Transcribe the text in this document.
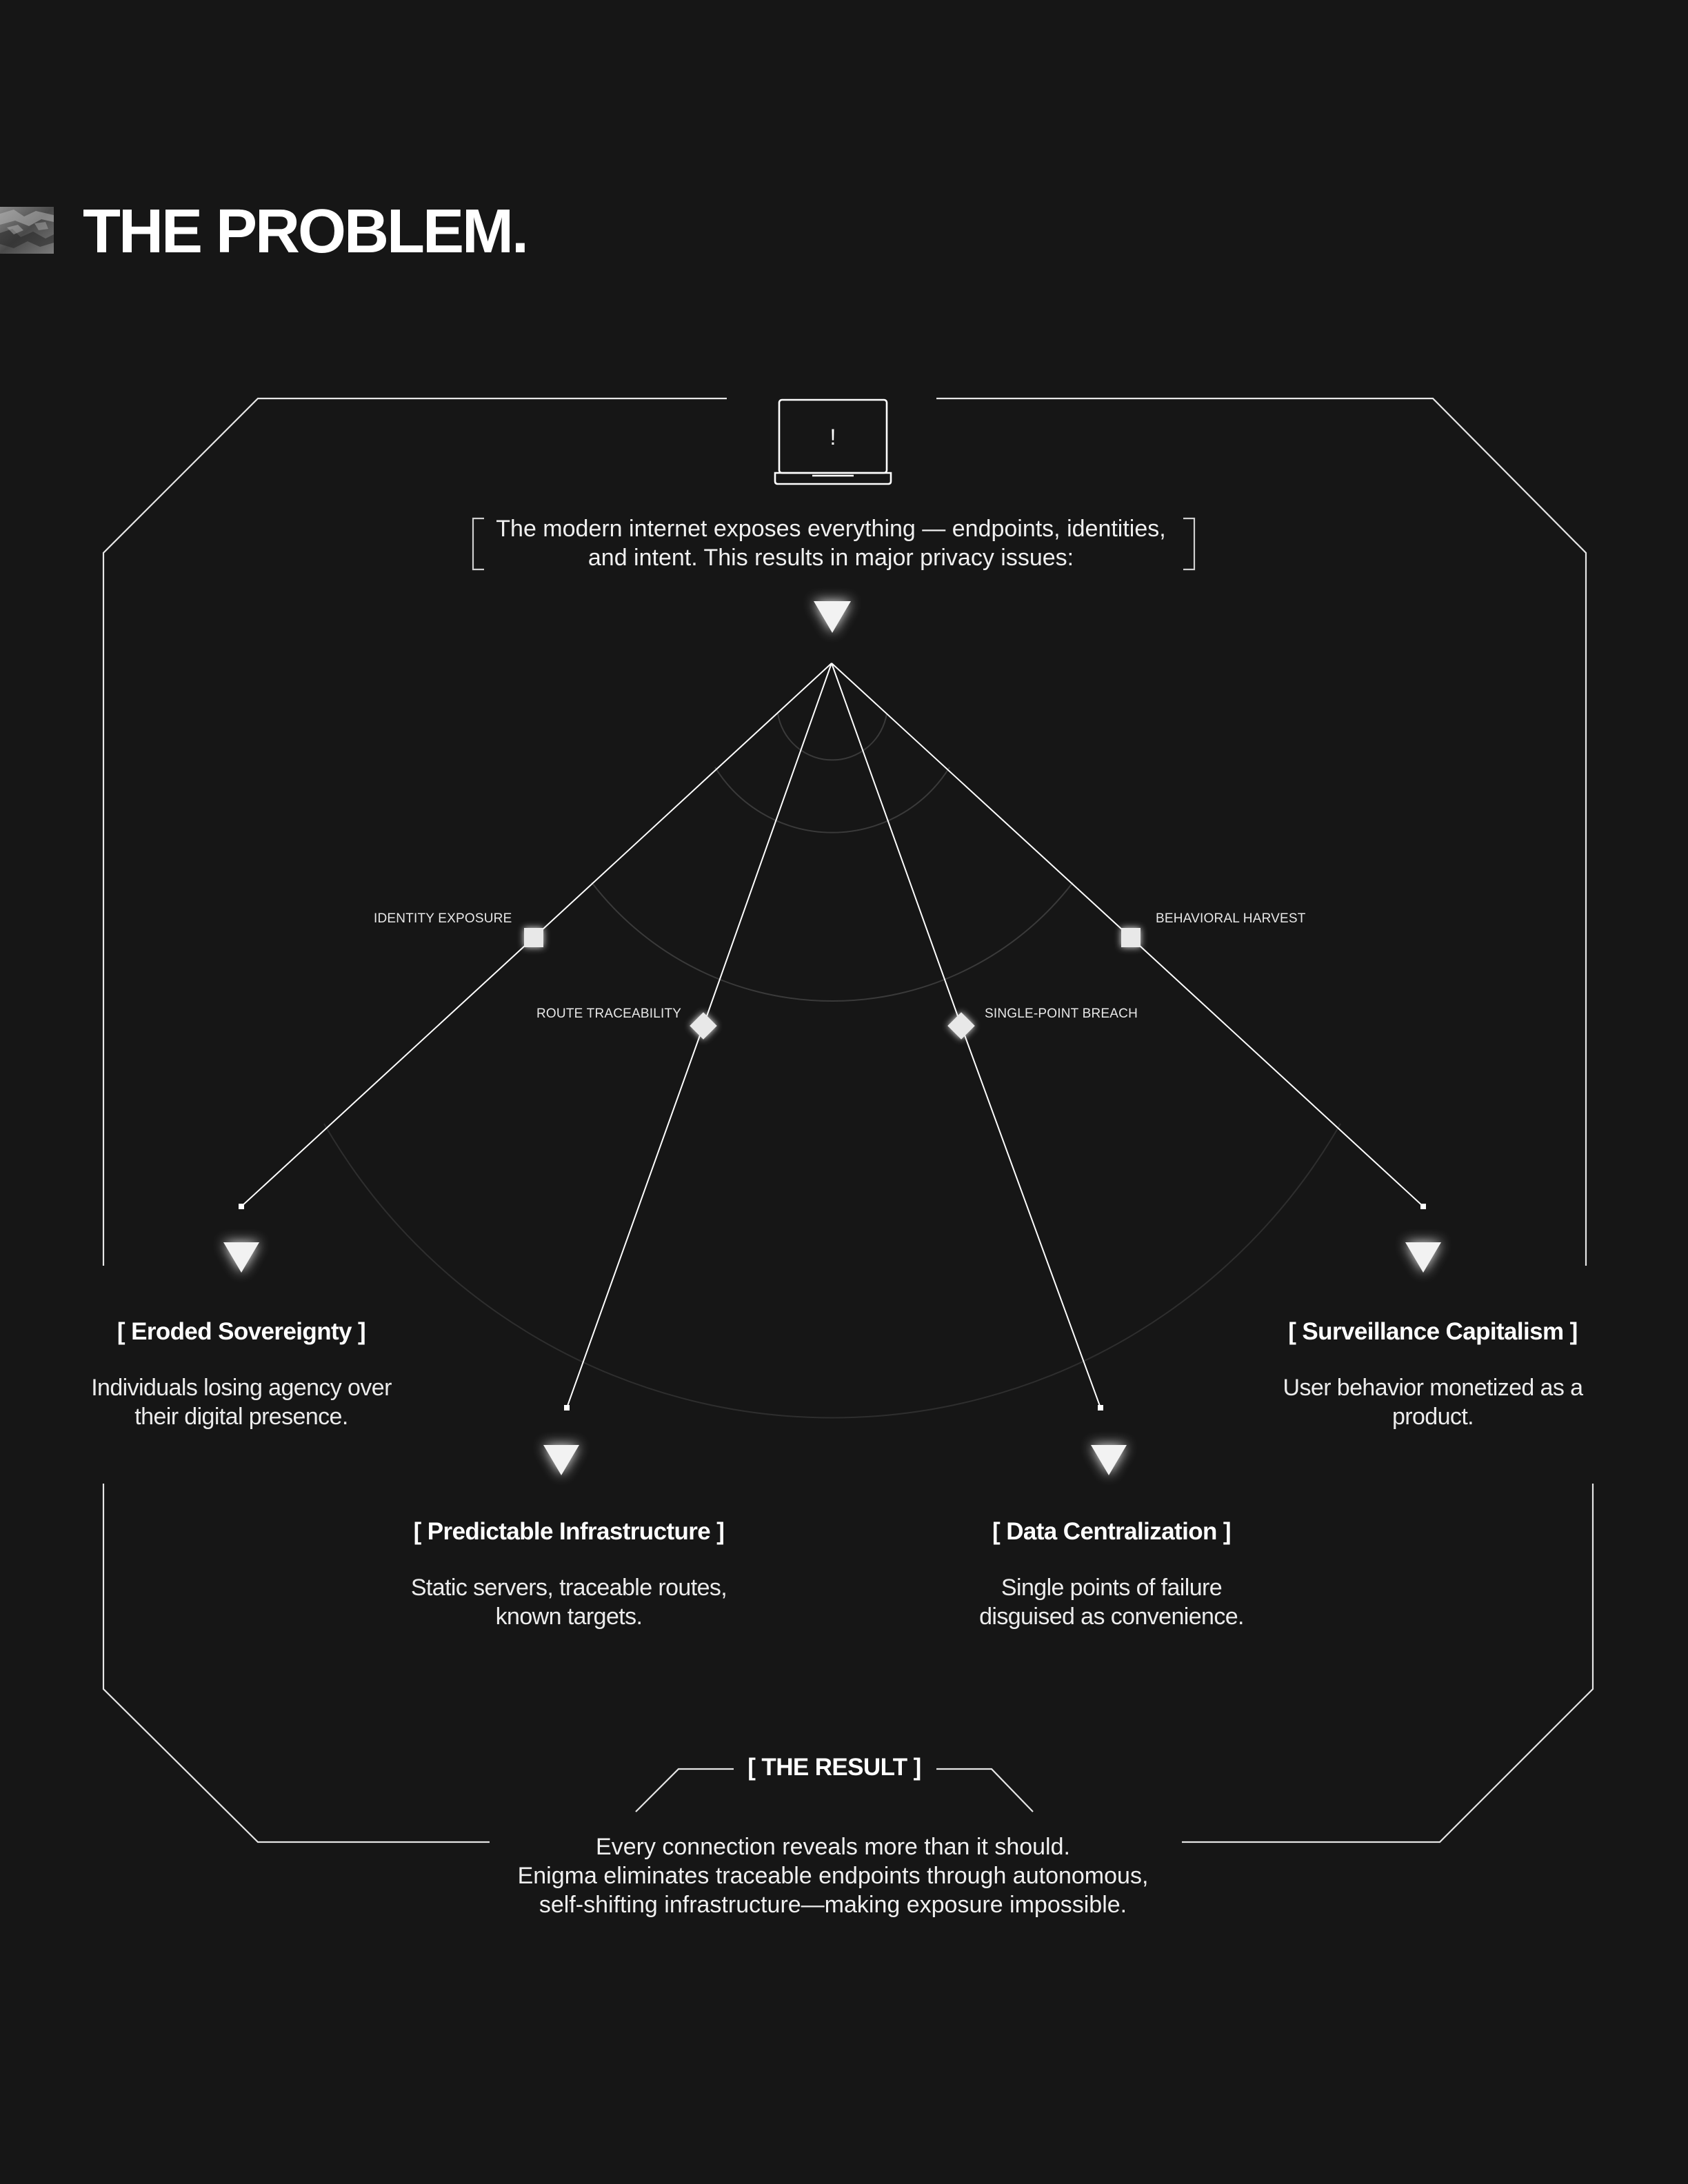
THE PROBLEM.
!
The modern internet exposes everything — endpoints, identities, and intent. This results in major privacy issues:
IDENTITY EXPOSURE
ROUTE TRACEABILITY	SINGLE-POINT BREACH
BEHAVIORAL HARVEST
[ Eroded Sovereignty ]
Individuals losing agency over their digital presence.
[ Predictable Infrastructure ]
Static servers, traceable routes, known targets.
[ Data Centralization ]
Single points of failure disguised as convenience.
[ Surveillance Capitalism ]
User behavior monetized as a product.
[ THE RESULT ]
Every connection reveals more than it should.
Enigma eliminates traceable endpoints through autonomous,
self-shifting infrastructure—making exposure impossible.
